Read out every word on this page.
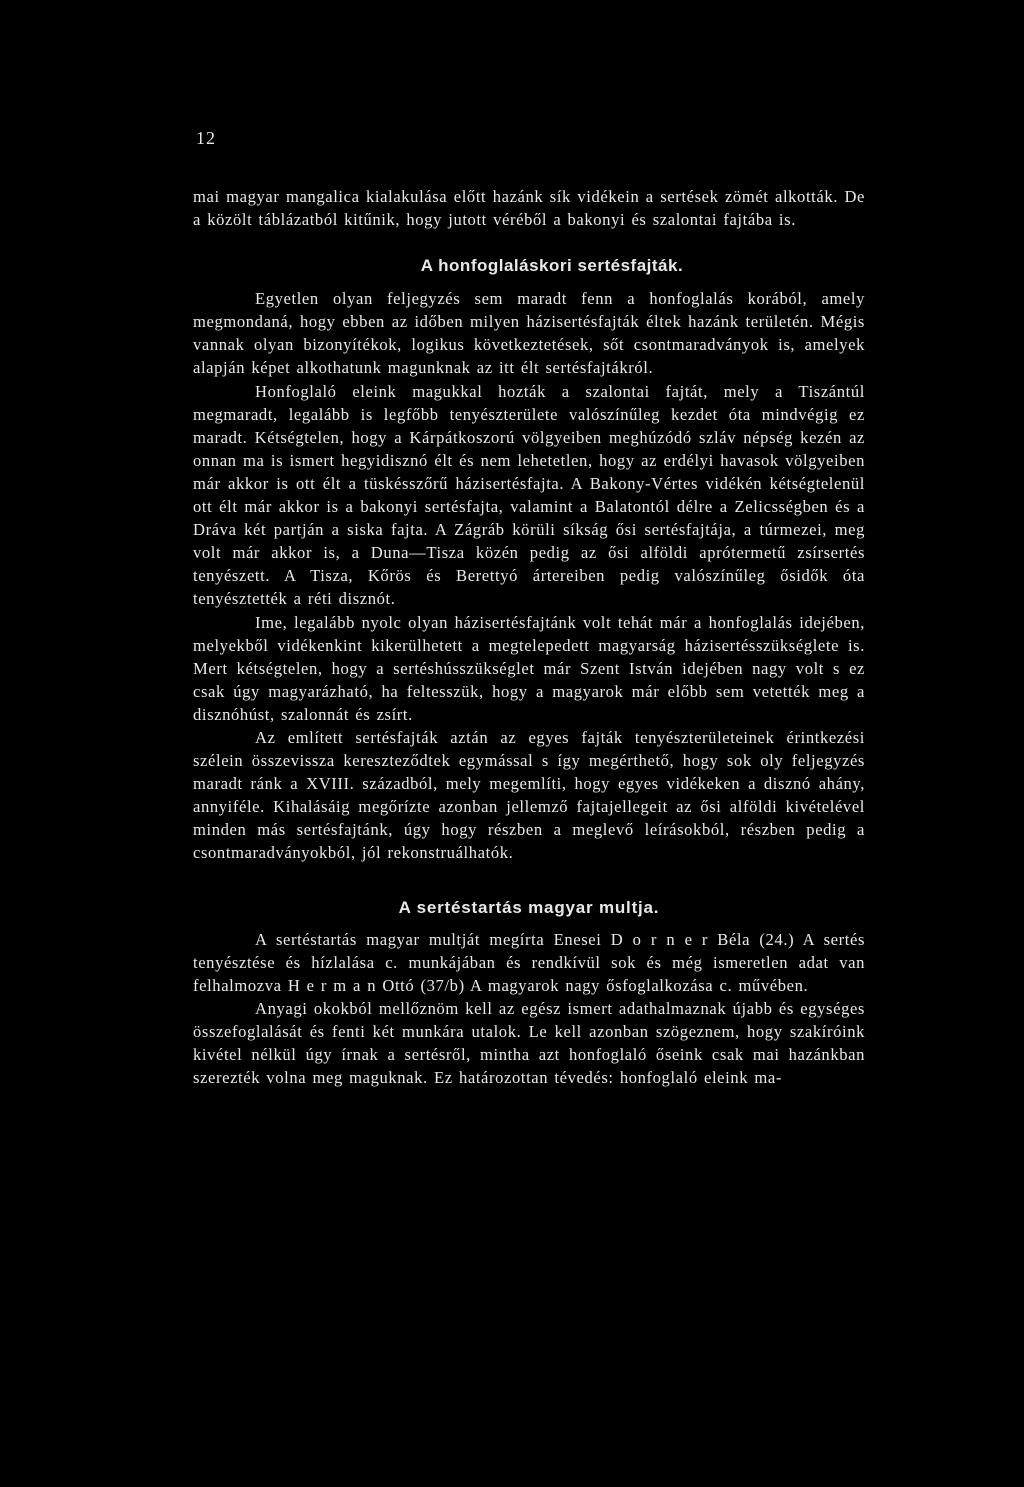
12

mai magyar mangalica kialakulása előtt hazánk sík vidékein a sertések zömét alkották. De a közölt táblázatból kitűnik, hogy jutott véréből a bakonyi és szalontai fajtába is.

A honfoglaláskori sertésfajták.

Egyetlen olyan feljegyzés sem maradt fenn a honfoglalás korából, amely megmondaná, hogy ebben az időben milyen házisertésfajták éltek hazánk területén. Mégis vannak olyan bizonyítékok, logikus következtetések, sőt csontmaradványok is, amelyek alapján képet alkothatunk magunknak az itt élt sertésfajtákról.

Honfoglaló eleink magukkal hozták a szalontai fajtát, mely a Tiszántúl megmaradt, legalább is legfőbb tenyészterülete valószínűleg kezdet óta mindvégig ez maradt. Kétségtelen, hogy a Kárpátkoszorú völgyeiben meghúzódó szláv népség kezén az onnan ma is ismert hegyidisznó élt és nem lehetetlen, hogy az erdélyi havasok völgyeiben már akkor is ott élt a tüskésszőrű házisertésfajta. A Bakony-Vértes vidékén kétségtelenül ott élt már akkor is a bakonyi sertésfajta, valamint a Balatontól délre a Zelicsségben és a Dráva két partján a siska fajta. A Zágráb körüli síkság ősi sertésfajtája, a túrmezei, meg volt már akkor is, a Duna—Tisza közén pedig az ősi alföldi aprótermetű zsírsertés tenyészett. A Tisza, Kőrös és Berettyó ártereiben pedig valószínűleg ősidők óta tenyésztették a réti disznót.

Ime, legalább nyolc olyan házisertésfajtánk volt tehát már a honfoglalás idejében, melyekből vidékenkint kikerülhetett a megtelepedett magyarság házisertésszükséglete is. Mert kétségtelen, hogy a sertéshússzükséglet már Szent István idejében nagy volt s ez csak úgy magyarázható, ha feltesszük, hogy a magyarok már előbb sem vetették meg a disznóhúst, szalonnát és zsírt.

Az említett sertésfajták aztán az egyes fajták tenyészterületeinek érintkezési szélein összevissza kereszteződtek egymással s így megérthető, hogy sok oly feljegyzés maradt ránk a XVIII. századból, mely megemlíti, hogy egyes vidékeken a disznó ahány, annyiféle. Kihalásáig megőrízte azonban jellemző fajtajellegeit az ősi alföldi kivételével minden más sertésfajtánk, úgy hogy részben a meglevő leírásokból, részben pedig a csontmaradványokból, jól rekonstruálhatók.

A sertéstartás magyar multja.

A sertéstartás magyar multját megírta Enesei D o r n e r Béla (24.) A sertés tenyésztése és hízlalása c. munkájában és rendkívül sok és még ismeretlen adat van felhalmozva H e r m a n Ottó (37/b) A magyarok nagy ősfoglalkozása c. művében.

Anyagi okokból mellőznöm kell az egész ismert adathalmaznak újabb és egységes összefoglalását és fenti két munkára utalok. Le kell azonban szögeznem, hogy szakíróink kivétel nélkül úgy írnak a sertésről, mintha azt honfoglaló őseink csak mai hazánkban szerezték volna meg maguknak. Ez határozottan tévedés: honfoglaló eleink ma-
